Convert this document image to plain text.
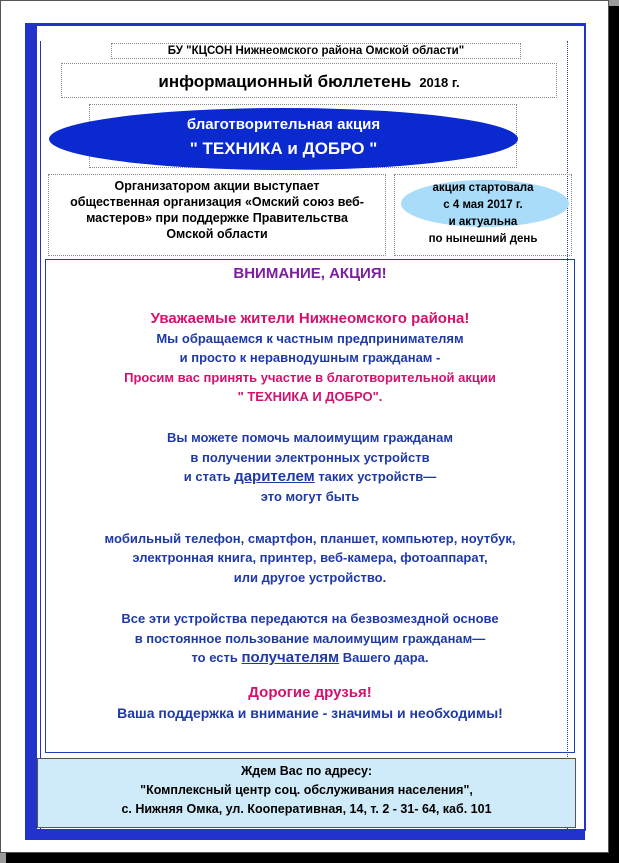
БУ "КЦСОН Нижнеомского района Омской области"
информационный бюллетень 2018 г.
благотворительная акция
" ТЕХНИКА и ДОБРО "
Организатором акции выступает
общественная организация «Омский союз веб-
мастеров» при поддержке Правительства
Омской области
акция стартовала
с 4 мая 2017 г.
и актуальна
по нынешний день

ВНИМАНИЕ, АКЦИЯ!

Уважаемые жители Нижнеомского района!

Мы обращаемся к частным предпринимателям

и просто к неравнодушным гражданам -

Просим вас принять участие в благотворительной акции

" ТЕХНИКА И ДОБРО".

Вы можете помочь малоимущим гражданам

в получении электронных устройств

и стать дарителем таких устройств—

это могут быть

мобильный телефон, смартфон, планшет, компьютер, ноутбук,

электронная книга, принтер, веб-камера, фотоаппарат,

или другое устройство.

Все эти устройства передаются на безвозмездной основе

в постоянное пользование малоимущим гражданам—

то есть получателям Вашего дара.

Дорогие друзья!

Ваша поддержка и внимание - значимы и необходимы!

Ждем Вас по адресу:
"Комплексный центр соц. обслуживания населения",
с. Нижняя Омка, ул. Кооперативная, 14, т. 2 - 31- 64, каб. 101
